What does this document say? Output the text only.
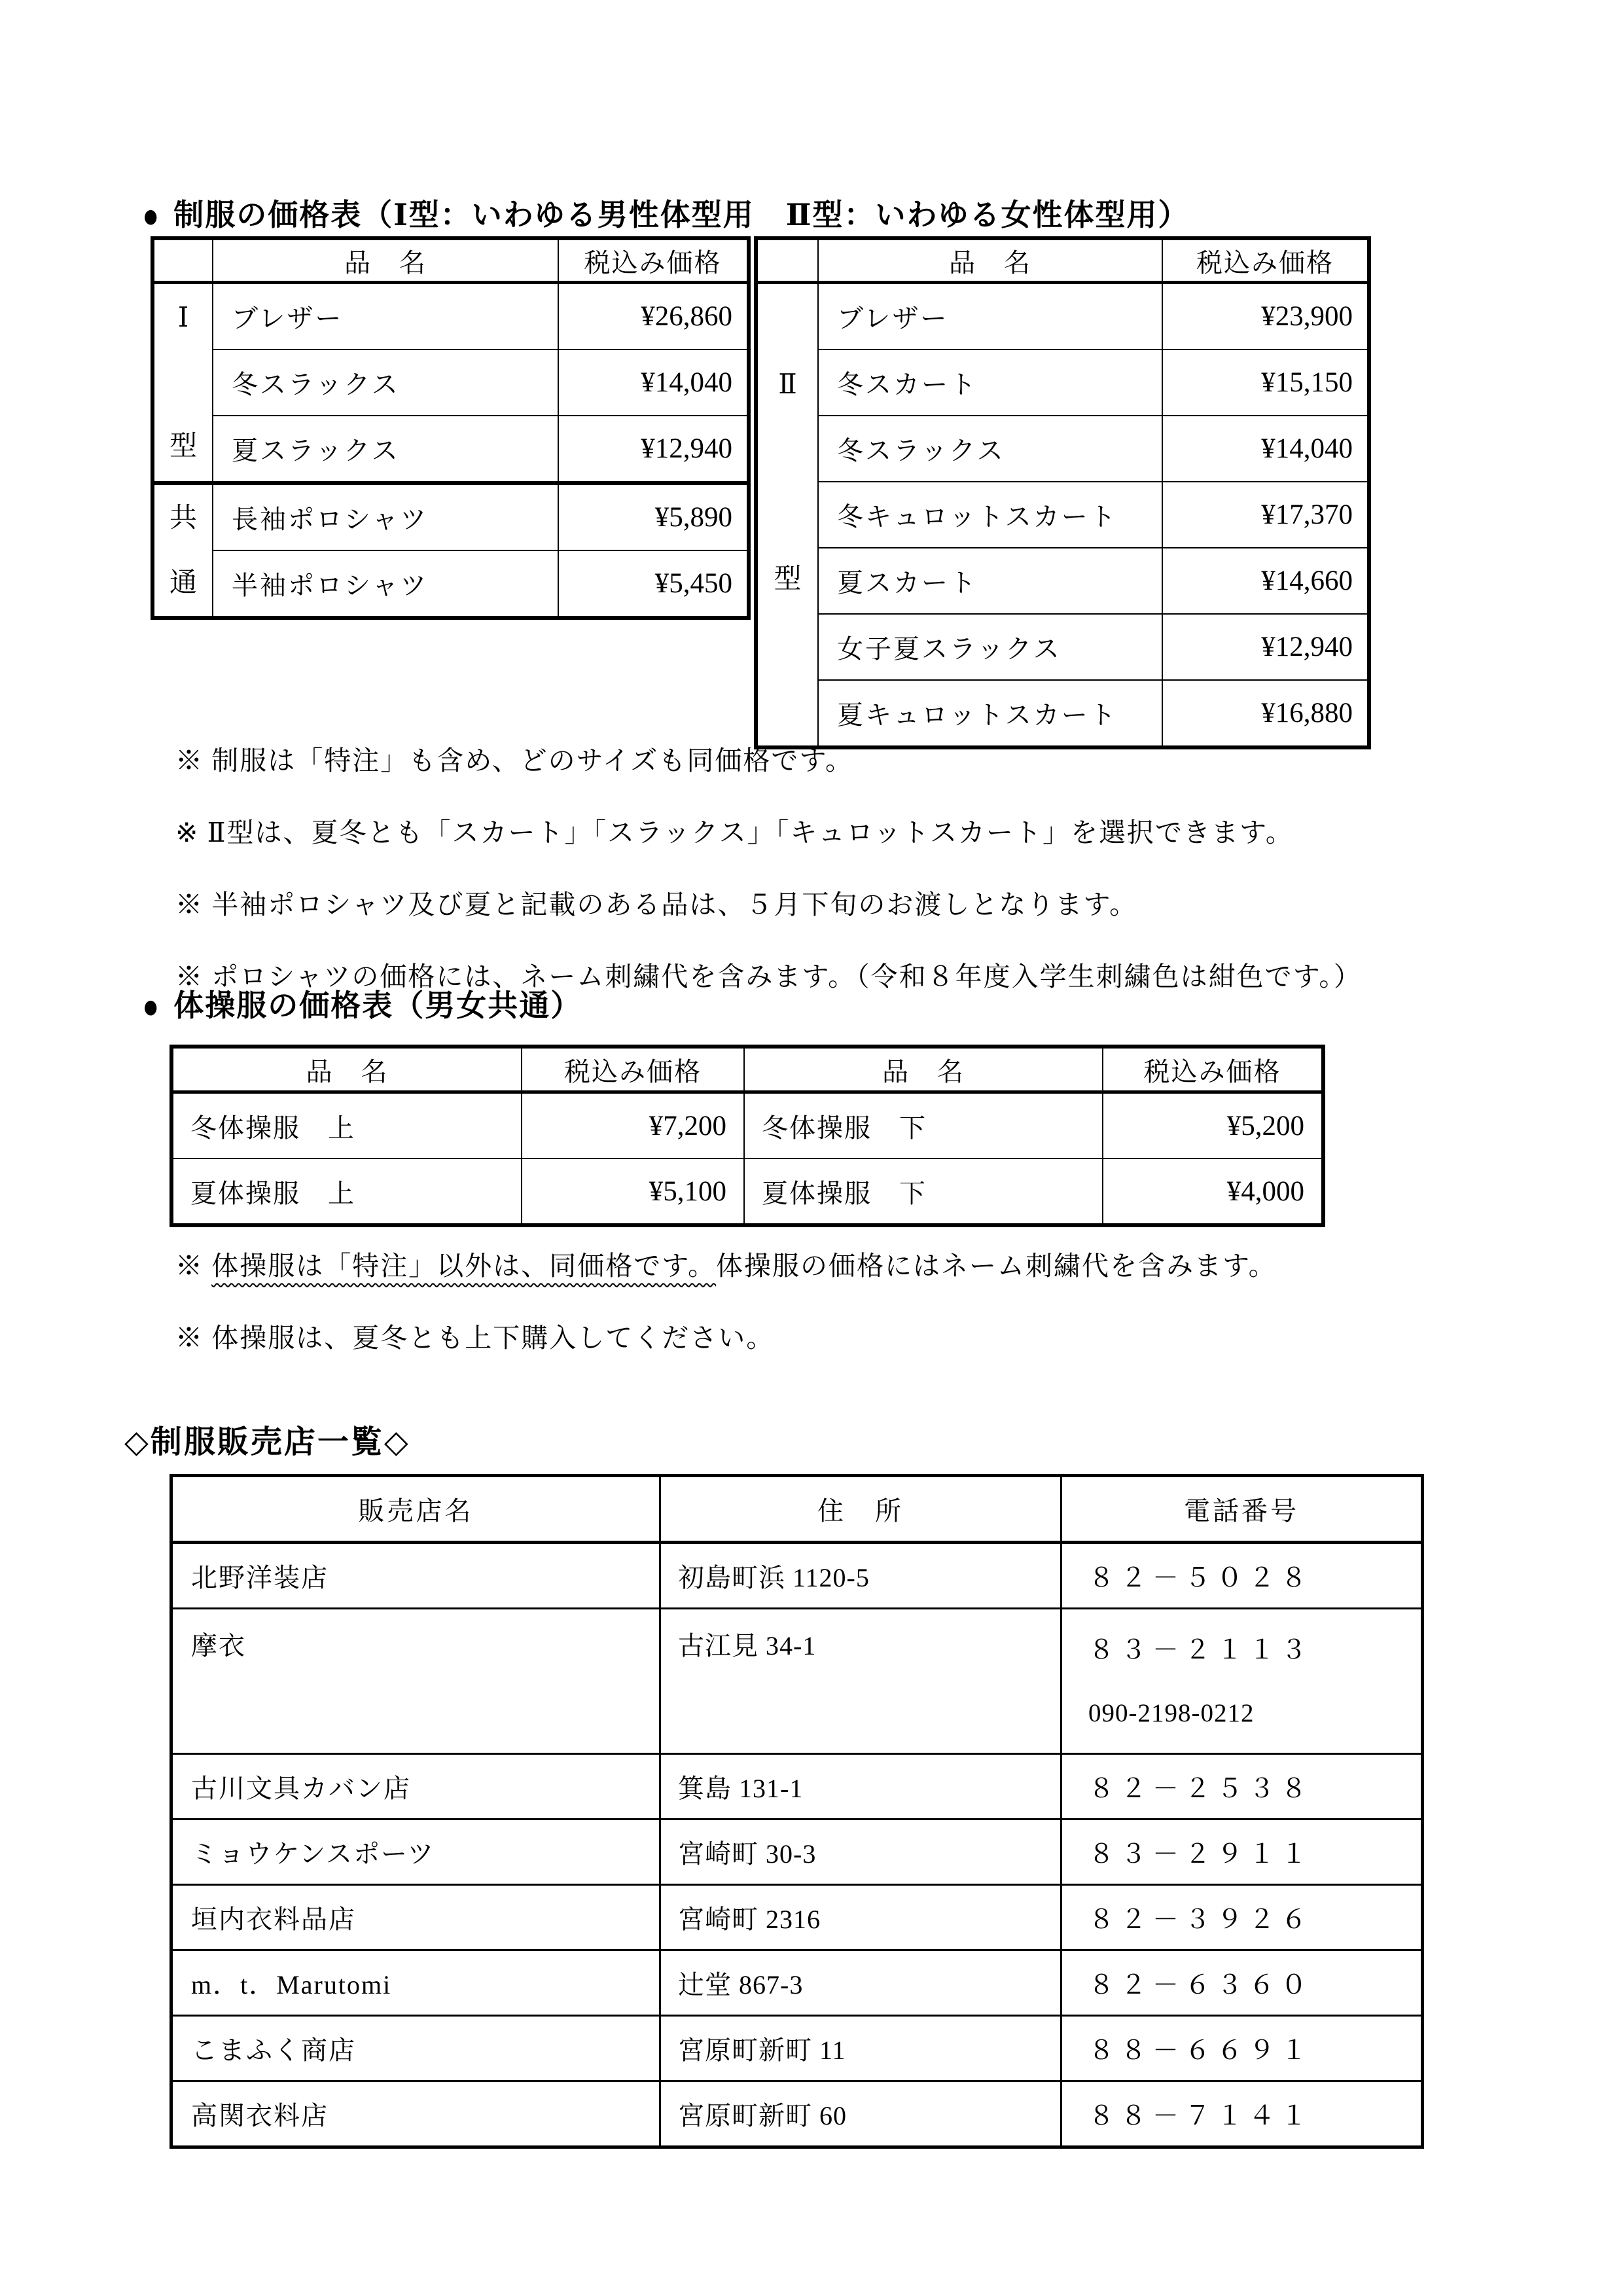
● 制服の価格表（Ⅰ型：いわゆる男性体型用　Ⅱ型：いわゆる女性体型用）
	品　名	税込み価格

Ⅰ
型	ブレザー	¥26,860
	冬スラックス	¥14,040
	夏スラックス	¥12,940

共
通	長袖ポロシャツ	¥5,890
	半袖ポロシャツ	¥5,450
	品　名	税込み価格

Ⅱ
型	ブレザー	¥23,900
	冬スカート	¥15,150
	冬スラックス	¥14,040
	冬キュロットスカート	¥17,370
	夏スカート	¥14,660
	女子夏スラックス	¥12,940
	夏キュロットスカート	¥16,880
※ 制服は「特注」も含め、どのサイズも同価格です。
※ Ⅱ型は、夏冬とも「スカート」「スラックス」「キュロットスカート」を選択できます。
※ 半袖ポロシャツ及び夏と記載のある品は、５月下旬のお渡しとなります。
※ ポロシャツの価格には、ネーム刺繍代を含みます。（令和８年度入学生刺繍色は紺色です。）
● 体操服の価格表（男女共通）
品　名	税込み価格	品　名	税込み価格
冬体操服　上	¥7,200	冬体操服　下	¥5,200
夏体操服　上	¥5,100	夏体操服　下	¥4,000
※ 体操服は「特注」以外は、同価格です。体操服の価格にはネーム刺繍代を含みます。
※ 体操服は、夏冬とも上下購入してください。
◇制服販売店一覧◇
販売店名	住　所	電話番号
北野洋装店	初島町浜 1120-5	８２－５０２８
摩衣	古江見 34-1	８３－２１１３
090-2198-0212

古川文具カバン店	箕島 131-1	８２－２５３８
ミョウケンスポーツ	宮崎町 30-3	８３－２９１１
垣内衣料品店	宮崎町 2316	８２－３９２６
m．t．Marutomi	辻堂 867-3	８２－６３６０
こまふく商店	宮原町新町 11	８８－６６９１
高関衣料店	宮原町新町 60	８８－７１４１
